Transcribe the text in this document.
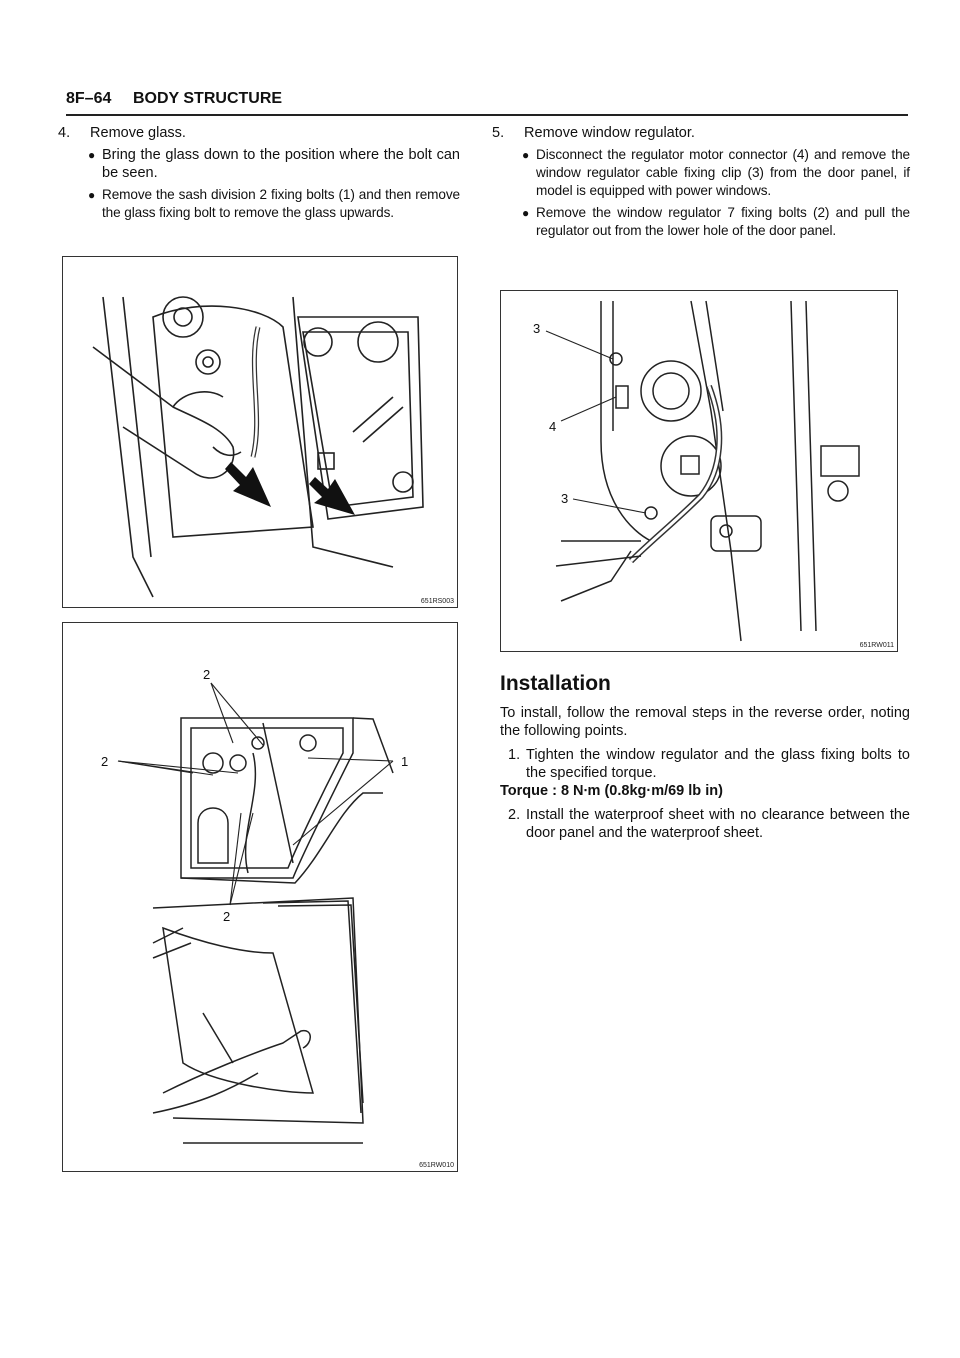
8F–64 BODY STRUCTURE

4. Remove glass.

●Bring the glass down to the position where the bolt can be seen.

●Remove the sash division 2 fixing bolts (1) and then remove the glass fixing bolt to remove the glass upwards.

651RS003
2
2	1
2
651RW010

5. Remove window regulator.

●Disconnect the regulator motor connector (4) and remove the window regulator cable fixing clip (3) from the door panel, if model is equipped with power windows.

●Remove the window regulator 7 fixing bolts (2) and pull the regulator out from the lower hole of the door panel.

3
4
3
651RW011
Installation

To install, follow the removal steps in the reverse order, noting the following points.

1. Tighten the window regulator and the glass fixing bolts to the specified torque.

Torque : 8 N∙m (0.8kg·m/69 lb in)

2. Install the waterproof sheet with no clearance between the door panel and the waterproof sheet.
